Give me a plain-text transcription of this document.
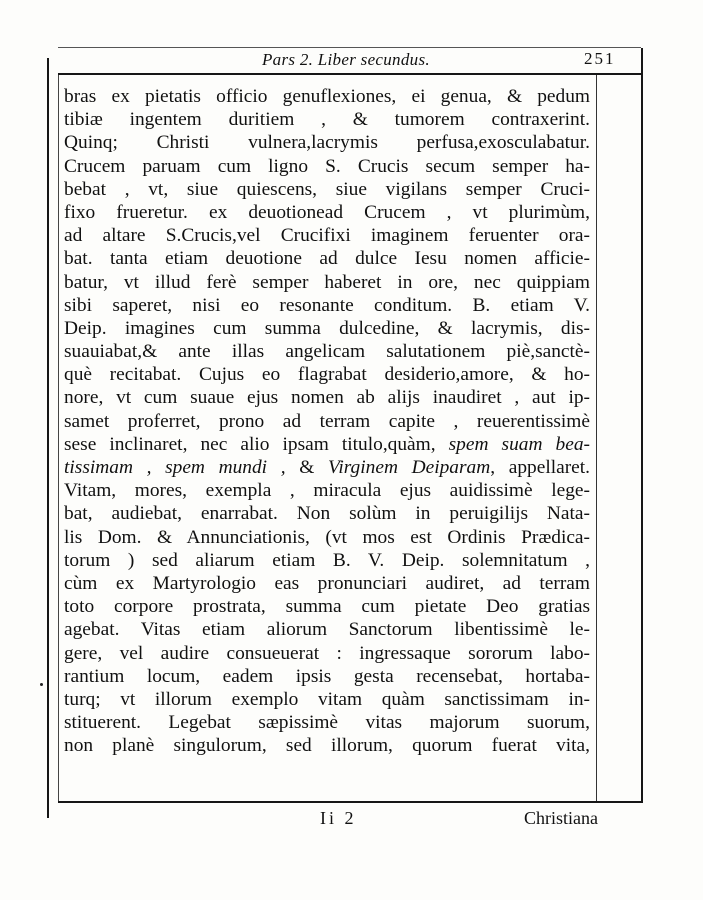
Pars 2. Liber secundus.	251
bras ex pietatis officio genuflexiones, ei genua, & pedum
tibiæ ingentem duritiem , & tumorem contraxerint.
Quinq; Christi vulnera,lacrymis perfusa,exosculabatur.
Crucem paruam cum ligno S. Crucis secum semper ha-
bebat , vt, siue quiescens, siue vigilans semper Cruci-
fixo frueretur. ex deuotionead Crucem , vt plurimùm,
ad altare S.Crucis,vel Crucifixi imaginem feruenter ora-
bat. tanta etiam deuotione ad dulce Iesu nomen afficie-
batur, vt illud ferè semper haberet in ore, nec quippiam
sibi saperet, nisi eo resonante conditum. B. etiam V.
Deip. imagines cum summa dulcedine, & lacrymis, dis-
suauiabat,& ante illas angelicam salutationem piè,sanctè-
què recitabat. Cujus eo flagrabat desiderio,amore, & ho-
nore, vt cum suaue ejus nomen ab alijs inaudiret , aut ip-
samet proferret, prono ad terram capite , reuerentissimè
sese inclinaret, nec alio ipsam titulo,quàm, spem suam bea-
tissimam , spem mundi , & Virginem Deiparam, appellaret.
Vitam, mores, exempla , miracula ejus auidissimè lege-
bat, audiebat, enarrabat. Non solùm in peruigilijs Nata-
lis Dom. & Annunciationis, (vt mos est Ordinis Prædica-
torum ) sed aliarum etiam B. V. Deip. solemnitatum ,
cùm ex Martyrologio eas pronunciari audiret, ad terram
toto corpore prostrata, summa cum pietate Deo gratias
agebat. Vitas etiam aliorum Sanctorum libentissimè le-
gere, vel audire consueuerat : ingressaque sororum labo-
rantium locum, eadem ipsis gesta recensebat, hortaba-
turq; vt illorum exemplo vitam quàm sanctissimam in-
stituerent. Legebat sæpissimè vitas majorum suorum,
non planè singulorum, sed illorum, quorum fuerat vita,
Ii 2	Christiana
